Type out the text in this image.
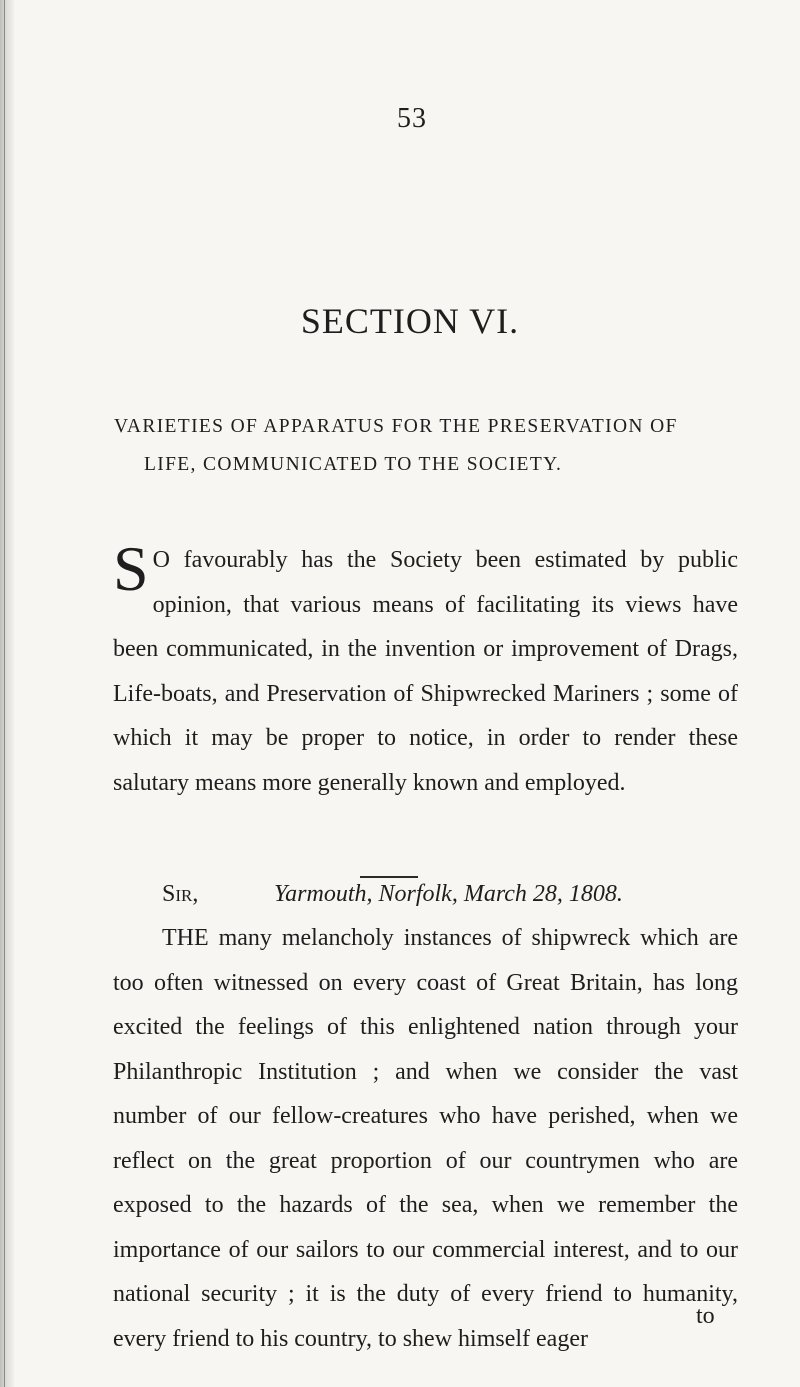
53
SECTION VI.
VARIETIES OF APPARATUS FOR THE PRESERVATION OF
LIFE, COMMUNICATED TO THE SOCIETY.
S O favourably has the Society been estimated by public opinion, that various means of facilitating its views have been communicated, in the invention or improvement of Drags, Life-boats, and Preservation of Shipwrecked Mariners ; some of which it may be proper to notice, in order to render these salutary means more generally known and employed.
Sir,	Yarmouth, Norfolk, March 28, 1808.
THE many melancholy instances of shipwreck which are too often witnessed on every coast of Great Britain, has long excited the feelings of this enlightened nation through your Philanthropic Institution ; and when we consider the vast number of our fellow-creatures who have perished, when we reflect on the great proportion of our countrymen who are exposed to the hazards of the sea, when we remember the importance of our sailors to our commercial interest, and to our national security ; it is the duty of every friend to humanity, every friend to his country, to shew himself eager
to
